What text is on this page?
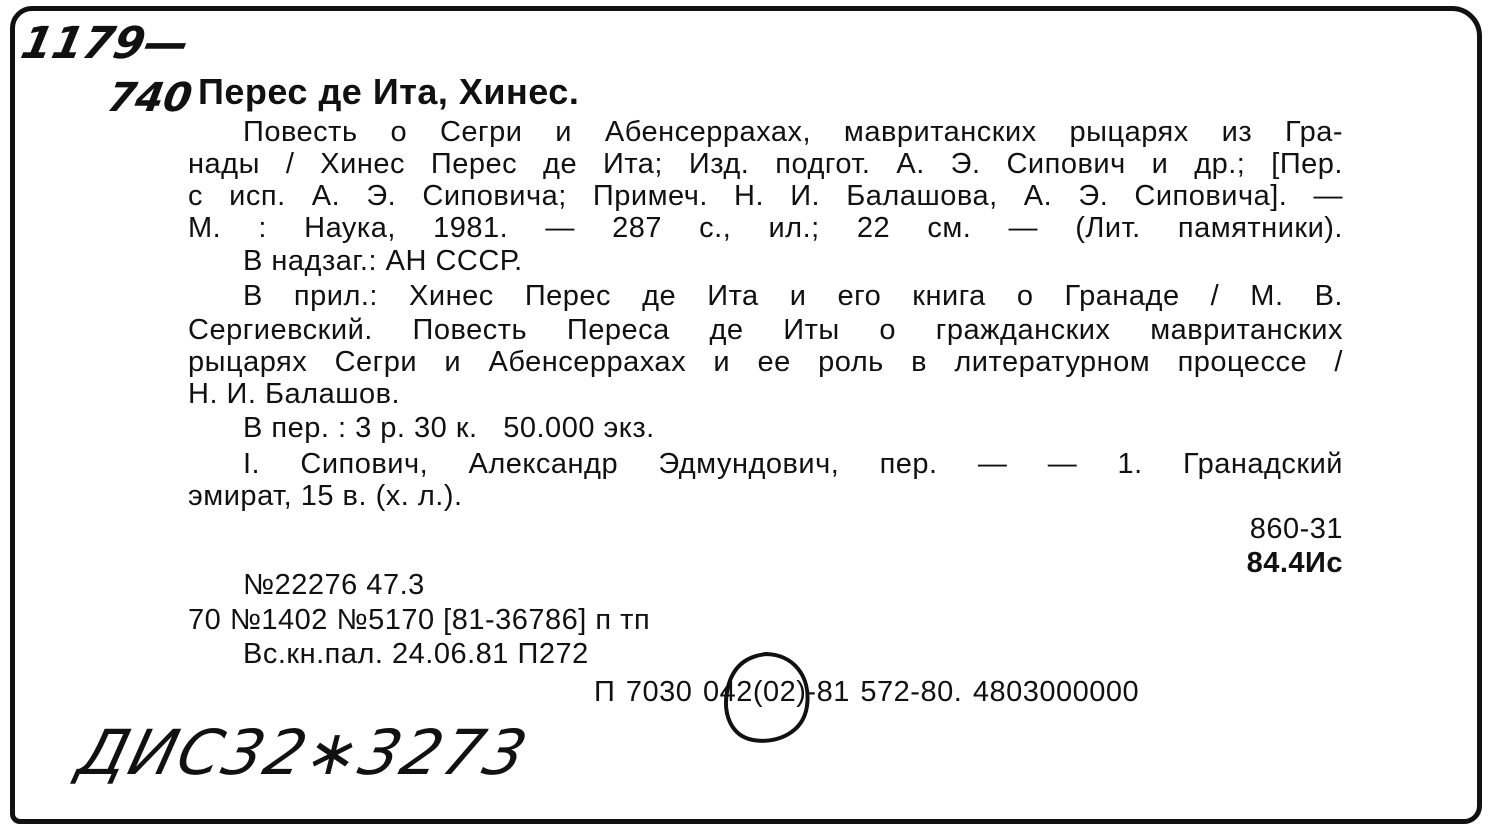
1179—
740 Перес де Ита, Хинес.
Повесть о Сегри и Абенсеррахах, мавританских рыцарях из Гра-
нады / Хинес Перес де Ита; Изд. подгот. А. Э. Сипович и др.; [Пер.
с исп. А. Э. Сиповича; Примеч. Н. И. Балашова, А. Э. Сиповича]. —
М. : Наука, 1981. — 287 с., ил.; 22 см. — (Лит. памятники).
В надзаг.: АН СССР.
В прил.: Хинес Перес де Ита и его книга о Гранаде / М. В.
Сергиевский. Повесть Переса де Иты о гражданских мавританских
рыцарях Сегри и Абенсеррахах и ее роль в литературном процессе /
Н. И. Балашов.
В пер. : 3 р. 30 к.   50.000 экз.
I. Сипович, Александр Эдмундович, пер. — — 1. Гранадский
эмират, 15 в. (х. л.).
860-31
84.4Ис
№22276 47.3
70 №1402 №5170 [81-36786] п тп
Вс.кн.пал. 24.06.81 П272
П 7030 042(02)-81 572-80. 4803000000
ДИС32∗3273
